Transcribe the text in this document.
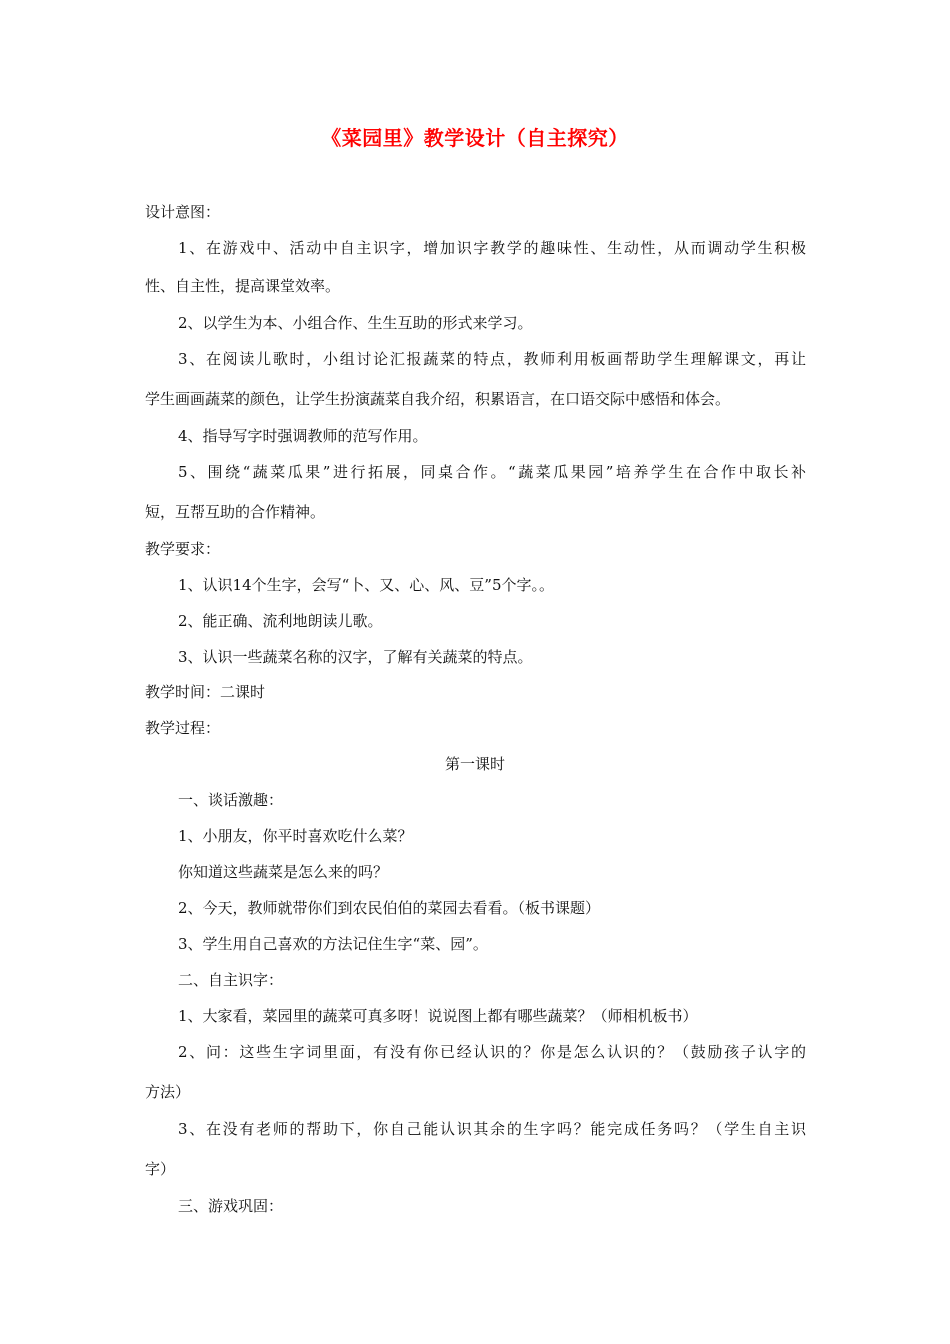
《菜园里》教学设计（自主探究）
设计意图：
1、在游戏中、活动中自主识字，增加识字教学的趣味性、生动性，从而调动学生积极
性、自主性，提高课堂效率。
2、以学生为本、小组合作、生生互助的形式来学习。
3、在阅读儿歌时，小组讨论汇报蔬菜的特点，教师利用板画帮助学生理解课文，再让
学生画画蔬菜的颜色，让学生扮演蔬菜自我介绍，积累语言，在口语交际中感悟和体会。
4、指导写字时强调教师的范写作用。
5、围绕“蔬菜瓜果”进行拓展，同桌合作。“蔬菜瓜果园”培养学生在合作中取长补
短，互帮互助的合作精神。
教学要求：
1、认识14个生字，会写“卜、又、心、风、豆”5个字。。
2、能正确、流利地朗读儿歌。
3、认识一些蔬菜名称的汉字，了解有关蔬菜的特点。
教学时间：二课时
教学过程：
第一课时
一、谈话激趣：
1、小朋友，你平时喜欢吃什么菜？
你知道这些蔬菜是怎么来的吗？
2、今天，教师就带你们到农民伯伯的菜园去看看。（板书课题）
3、学生用自己喜欢的方法记住生字“菜、园”。
二、自主识字：
1、大家看，菜园里的蔬菜可真多呀！说说图上都有哪些蔬菜？（师相机板书）
2、问：这些生字词里面，有没有你已经认识的？你是怎么认识的？（鼓励孩子认字的
方法）
3、在没有老师的帮助下，你自己能认识其余的生字吗？能完成任务吗？（学生自主识
字）
三、游戏巩固：
